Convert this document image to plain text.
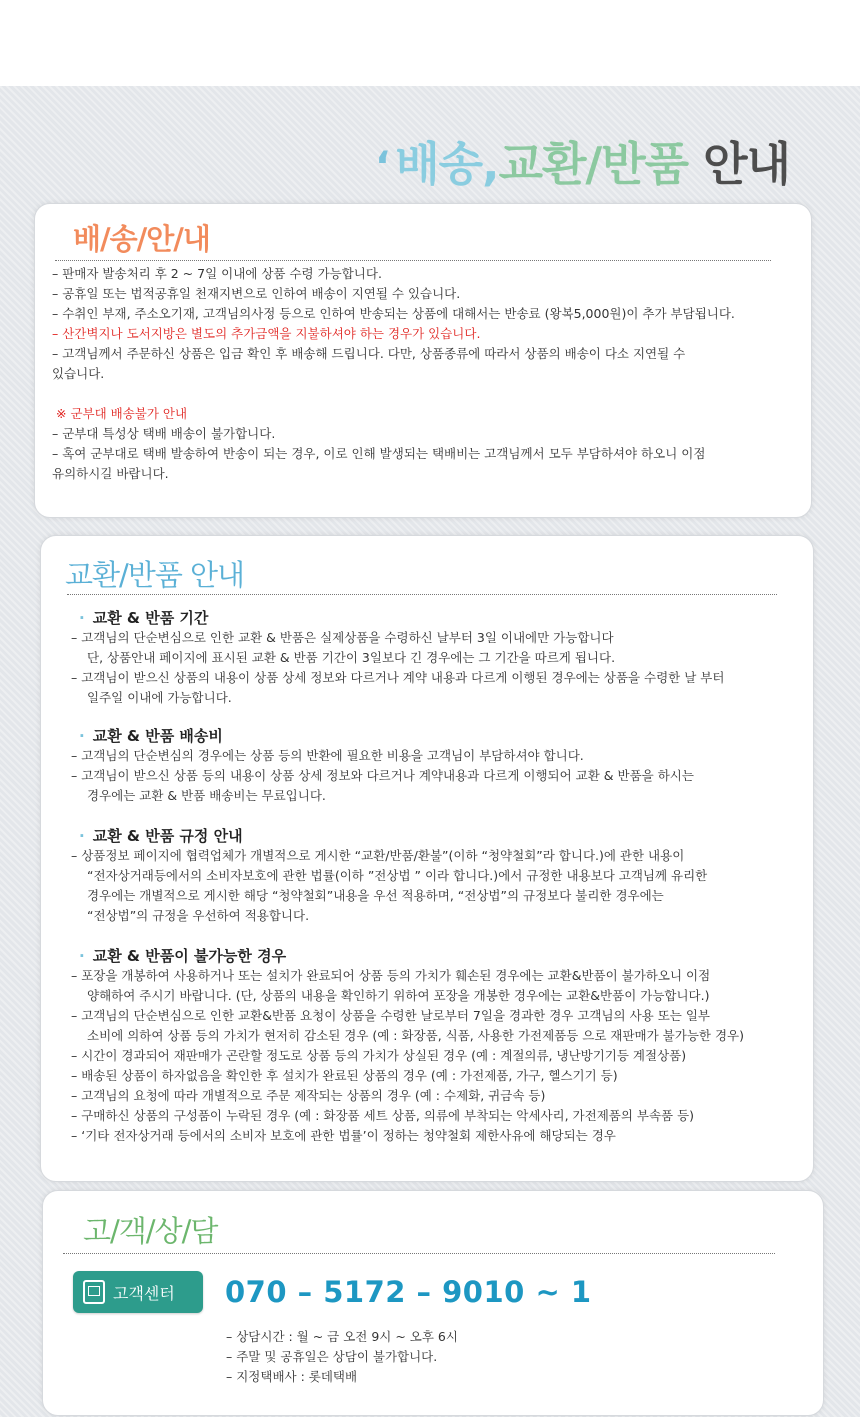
‘ 배송,교환/반품 안내
배/송/안/내
– 판매자 발송처리 후 2 ~ 7일 이내에 상품 수령 가능합니다.
– 공휴일 또는 법적공휴일 천재지변으로 인하여 배송이 지연될 수 있습니다.
– 수취인 부재, 주소오기재, 고객님의사정 등으로 인하여 반송되는 상품에 대해서는 반송료 (왕복5,000원)이 추가 부담됩니다.
– 산간벽지나 도서지방은 별도의 추가금액을 지불하셔야 하는 경우가 있습니다.
– 고객님께서 주문하신 상품은 입금 확인 후 배송해 드립니다. 다만, 상품종류에 따라서 상품의 배송이 다소 지연될 수
있습니다.
※ 군부대 배송불가 안내
– 군부대 특성상 택배 배송이 불가합니다.
– 혹여 군부대로 택배 발송하여 반송이 되는 경우, 이로 인해 발생되는 택배비는 고객님께서 모두 부담하셔야 하오니 이점
유의하시길 바랍니다.
교환/반품 안내
· 교환 & 반품 기간
– 고객님의 단순변심으로 인한 교환 & 반품은 실제상품을 수령하신 날부터 3일 이내에만 가능합니다
단, 상품안내 페이지에 표시된 교환 & 반품 기간이 3일보다 긴 경우에는 그 기간을 따르게 됩니다.
– 고객님이 받으신 상품의 내용이 상품 상세 정보와 다르거나 계약 내용과 다르게 이행된 경우에는 상품을 수령한 날 부터
일주일 이내에 가능합니다.
· 교환 & 반품 배송비
– 고객님의 단순변심의 경우에는 상품 등의 반환에 필요한 비용을 고객님이 부담하셔야 합니다.
– 고객님이 받으신 상품 등의 내용이 상품 상세 정보와 다르거나 계약내용과 다르게 이행되어 교환 & 반품을 하시는
경우에는 교환 & 반품 배송비는 무료입니다.
· 교환 & 반품 규정 안내
– 상품정보 페이지에 협력업체가 개별적으로 게시한 “교환/반품/환불”(이하 “청약철회”라 합니다.)에 관한 내용이
“전자상거래등에서의 소비자보호에 관한 법률(이하 ”전상법 ” 이라 합니다.)에서 규정한 내용보다 고객님께 유리한
경우에는 개별적으로 게시한 해당 “청약철회”내용을 우선 적용하며, “전상법”의 규정보다 불리한 경우에는
“전상법”의 규정을 우선하여 적용합니다.
· 교환 & 반품이 불가능한 경우
– 포장을 개봉하여 사용하거나 또는 설치가 완료되어 상품 등의 가치가 훼손된 경우에는 교환&반품이 불가하오니 이점
양해하여 주시기 바랍니다. (단, 상품의 내용을 확인하기 위하여 포장을 개봉한 경우에는 교환&반품이 가능합니다.)
– 고객님의 단순변심으로 인한 교환&반품 요청이 상품을 수령한 날로부터 7일을 경과한 경우 고객님의 사용 또는 일부
소비에 의하여 상품 등의 가치가 현저히 감소된 경우 (예 : 화장품, 식품, 사용한 가전제품등 으로 재판매가 불가능한 경우)
– 시간이 경과되어 재판매가 곤란할 정도로 상품 등의 가치가 상실된 경우 (예 : 계절의류, 냉난방기기등 계절상품)
– 배송된 상품이 하자없음을 확인한 후 설치가 완료된 상품의 경우 (예 : 가전제품, 가구, 헬스기기 등)
– 고객님의 요청에 따라 개별적으로 주문 제작되는 상품의 경우 (예 : 수제화, 귀금속 등)
– 구매하신 상품의 구성품이 누락된 경우 (예 : 화장품 세트 상품, 의류에 부착되는 악세사리, 가전제품의 부속품 등)
– ‘기타 전자상거래 등에서의 소비자 보호에 관한 법률’이 정하는 청약철회 제한사유에 해당되는 경우
고/객/상/담
고객센터 070 – 5172 – 9010 ~ 1
– 상담시간 : 월 ~ 금 오전 9시 ~ 오후 6시
– 주말 및 공휴일은 상담이 불가합니다.
– 지정택배사 : 롯데택배
